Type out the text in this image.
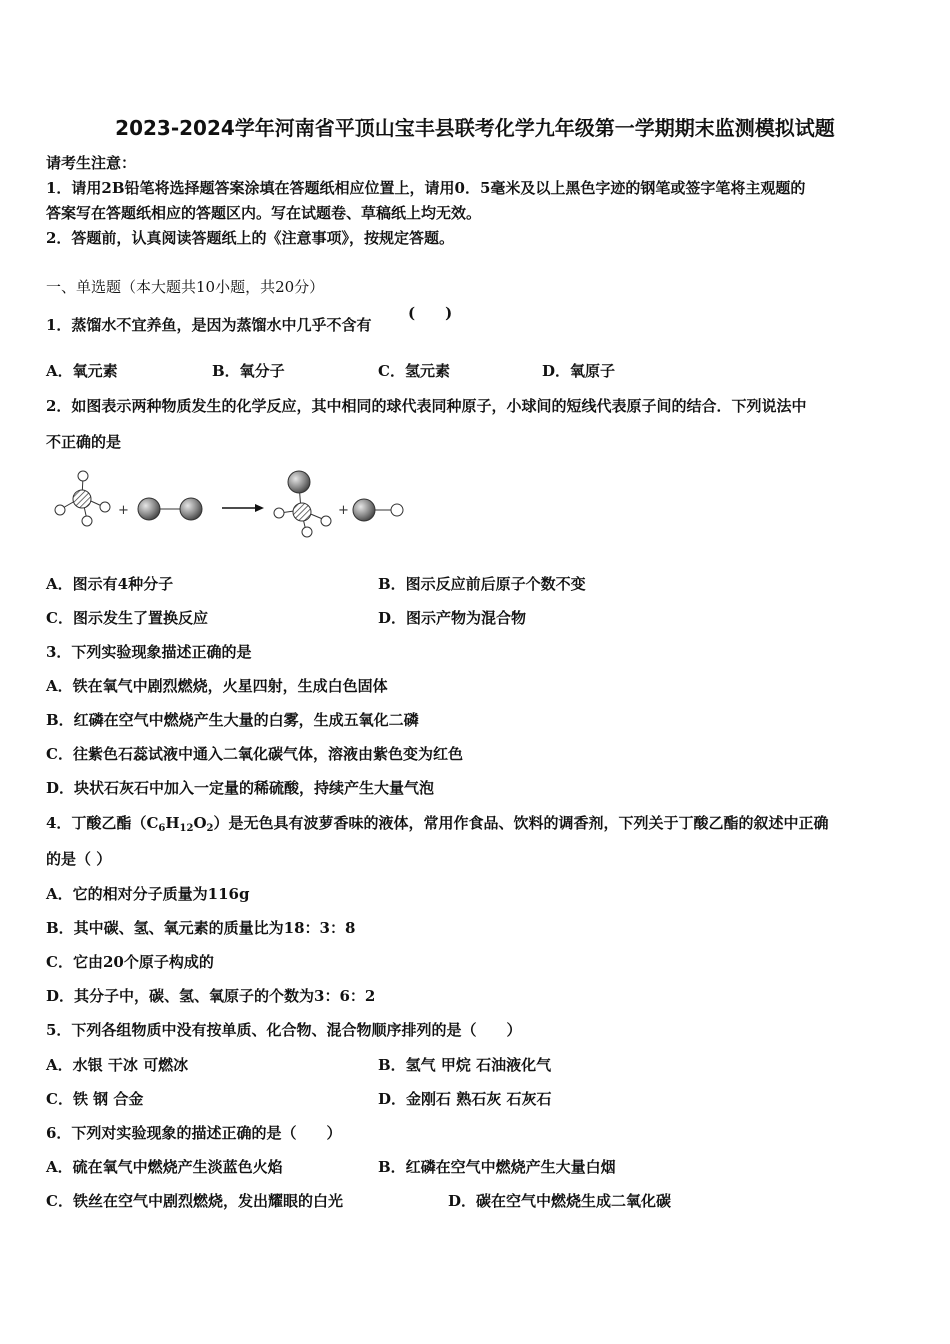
2023-2024学年河南省平顶山宝丰县联考化学九年级第一学期期末监测模拟试题
请考生注意：
1．请用2B铅笔将选择题答案涂填在答题纸相应位置上，请用0．5毫米及以上黑色字迹的钢笔或签字笔将主观题的
答案写在答题纸相应的答题区内。写在试题卷、草稿纸上均无效。
2．答题前，认真阅读答题纸上的《注意事项》，按规定答题。
一、单选题（本大题共10小题，共20分）
1．蒸馏水不宜养鱼，是因为蒸馏水中几乎不含有
(　　)
A．氧元素	B．氧分子	C．氢元素	D．氧原子
2．如图表示两种物质发生的化学反应，其中相同的球代表同种原子，小球间的短线代表原子间的结合．下列说法中
不正确的是
+	+
A．图示有4种分子	B．图示反应前后原子个数不变
C．图示发生了置换反应	D．图示产物为混合物
3．下列实验现象描述正确的是
A．铁在氧气中剧烈燃烧，火星四射，生成白色固体
B．红磷在空气中燃烧产生大量的白雾，生成五氧化二磷
C．往紫色石蕊试液中通入二氧化碳气体，溶液由紫色变为红色
D．块状石灰石中加入一定量的稀硫酸，持续产生大量气泡
4．丁酸乙酯$(C_6H_{12}O_2)$是无色具有波萝香味的液体，常用作食品、饮料的调香剂，下列关于丁酸乙酯的叙述中正确
的是（ ）
A．它的相对分子质量为116g
B．其中碳、氢、氧元素的质量比为18：3：8
C．它由20个原子构成的
D．其分子中，碳、氢、氧原子的个数为3：6：2
5．下列各组物质中没有按单质、化合物、混合物顺序排列的是（　　）
A．水银 干冰 可燃冰	B．氢气 甲烷 石油液化气
C．铁 钢 合金	D．金刚石 熟石灰 石灰石
6．下列对实验现象的描述正确的是（　　）
A．硫在氧气中燃烧产生淡蓝色火焰	B．红磷在空气中燃烧产生大量白烟
C．铁丝在空气中剧烈燃烧，发出耀眼的白光	D．碳在空气中燃烧生成二氧化碳
